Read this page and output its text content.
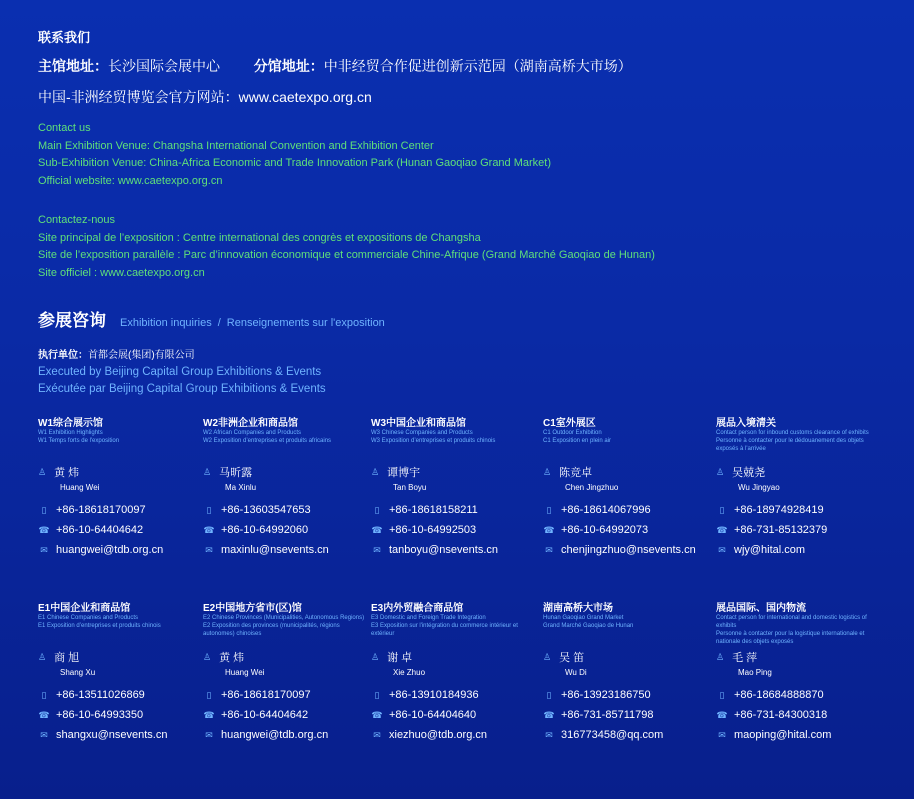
联系我们
主馆地址：长沙国际会展中心 分馆地址：中非经贸合作促进创新示范园（湖南高桥大市场）
中国-非洲经贸博览会官方网站：www.caetexpo.org.cn
Contact us
Main Exhibition Venue: Changsha International Convention and Exhibition Center
Sub-Exhibition Venue: China-Africa Economic and Trade Innovation Park (Hunan Gaoqiao Grand Market)
Official website: www.caetexpo.org.cn
Contactez-nous
Site principal de l’exposition : Centre international des congrès et expositions de Changsha
Site de l’exposition parallèle : Parc d’innovation économique et commerciale Chine-Afrique (Grand Marché Gaoqiao de Hunan)
Site officiel : www.caetexpo.org.cn
参展咨询 Exhibition inquiries / Renseignements sur l'exposition
执行单位：首都会展(集团)有限公司
Executed by Beijing Capital Group Exhibitions & Events
Exécutée par Beijing Capital Group Exhibitions & Events
W1综合展示馆
W1 Exhibition Highlights
W1 Temps forts de l'exposition
♙ 黄 炜
Huang Wei
▯ +86-18618170097
☎ +86-10-64404642
✉ huangwei@tdb.org.cn
W2非洲企业和商品馆
W2 African Companies and Products
W2 Exposition d’entreprises et produits africains
♙ 马昕露
Ma Xinlu
▯ +86-13603547653
☎ +86-10-64992060
✉ maxinlu@nsevents.cn
W3中国企业和商品馆
W3 Chinese Companies and Products
W3 Exposition d’entreprises et produits chinois
♙ 谭博宇
Tan Boyu
▯ +86-18618158211
☎ +86-10-64992503
✉ tanboyu@nsevents.cn
C1室外展区
C1 Outdoor Exhibition
C1 Exposition en plein air
♙ 陈竞卓
Chen Jingzhuo
▯ +86-18614067996
☎ +86-10-64992073
✉ chenjingzhuo@nsevents.cn
展品入境清关
Contact person for inbound customs clearance of exhibits
Personne à contacter pour le dédouanement des objets exposés à l'arrivée
♙ 吴兢尧
Wu Jingyao
▯ +86-18974928419
☎ +86-731-85132379
✉ wjy@hital.com
E1中国企业和商品馆
E1 Chinese Companies and Products
E1 Exposition d’entreprises et produits chinois
♙ 商 旭
Shang Xu
▯ +86-13511026869
☎ +86-10-64993350
✉ shangxu@nsevents.cn
E2中国地方省市(区)馆
E2 Chinese Provinces (Municipalities, Autonomous Regions)
E2 Exposition des provinces (municipalités, régions autonomes) chinoises
♙ 黄 炜
Huang Wei
▯ +86-18618170097
☎ +86-10-64404642
✉ huangwei@tdb.org.cn
E3内外贸融合商品馆
E3 Domestic and Foreign Trade Integration
E3 Exposition sur l'intégration du commerce intérieur et extérieur
♙ 谢 卓
Xie Zhuo
▯ +86-13910184936
☎ +86-10-64404640
✉ xiezhuo@tdb.org.cn
湖南高桥大市场
Hunan Gaoqiao Grand Market
Grand Marché Gaoqiao de Hunan
♙ 吴 笛
Wu Di
▯ +86-13923186750
☎ +86-731-85711798
✉ 316773458@qq.com
展品国际、国内物流
Contact person for international and domestic logistics of exhibits
Personne à contacter pour la logistique internationale et nationale des objets exposés
♙ 毛 萍
Mao Ping
▯ +86-18684888870
☎ +86-731-84300318
✉ maoping@hital.com
